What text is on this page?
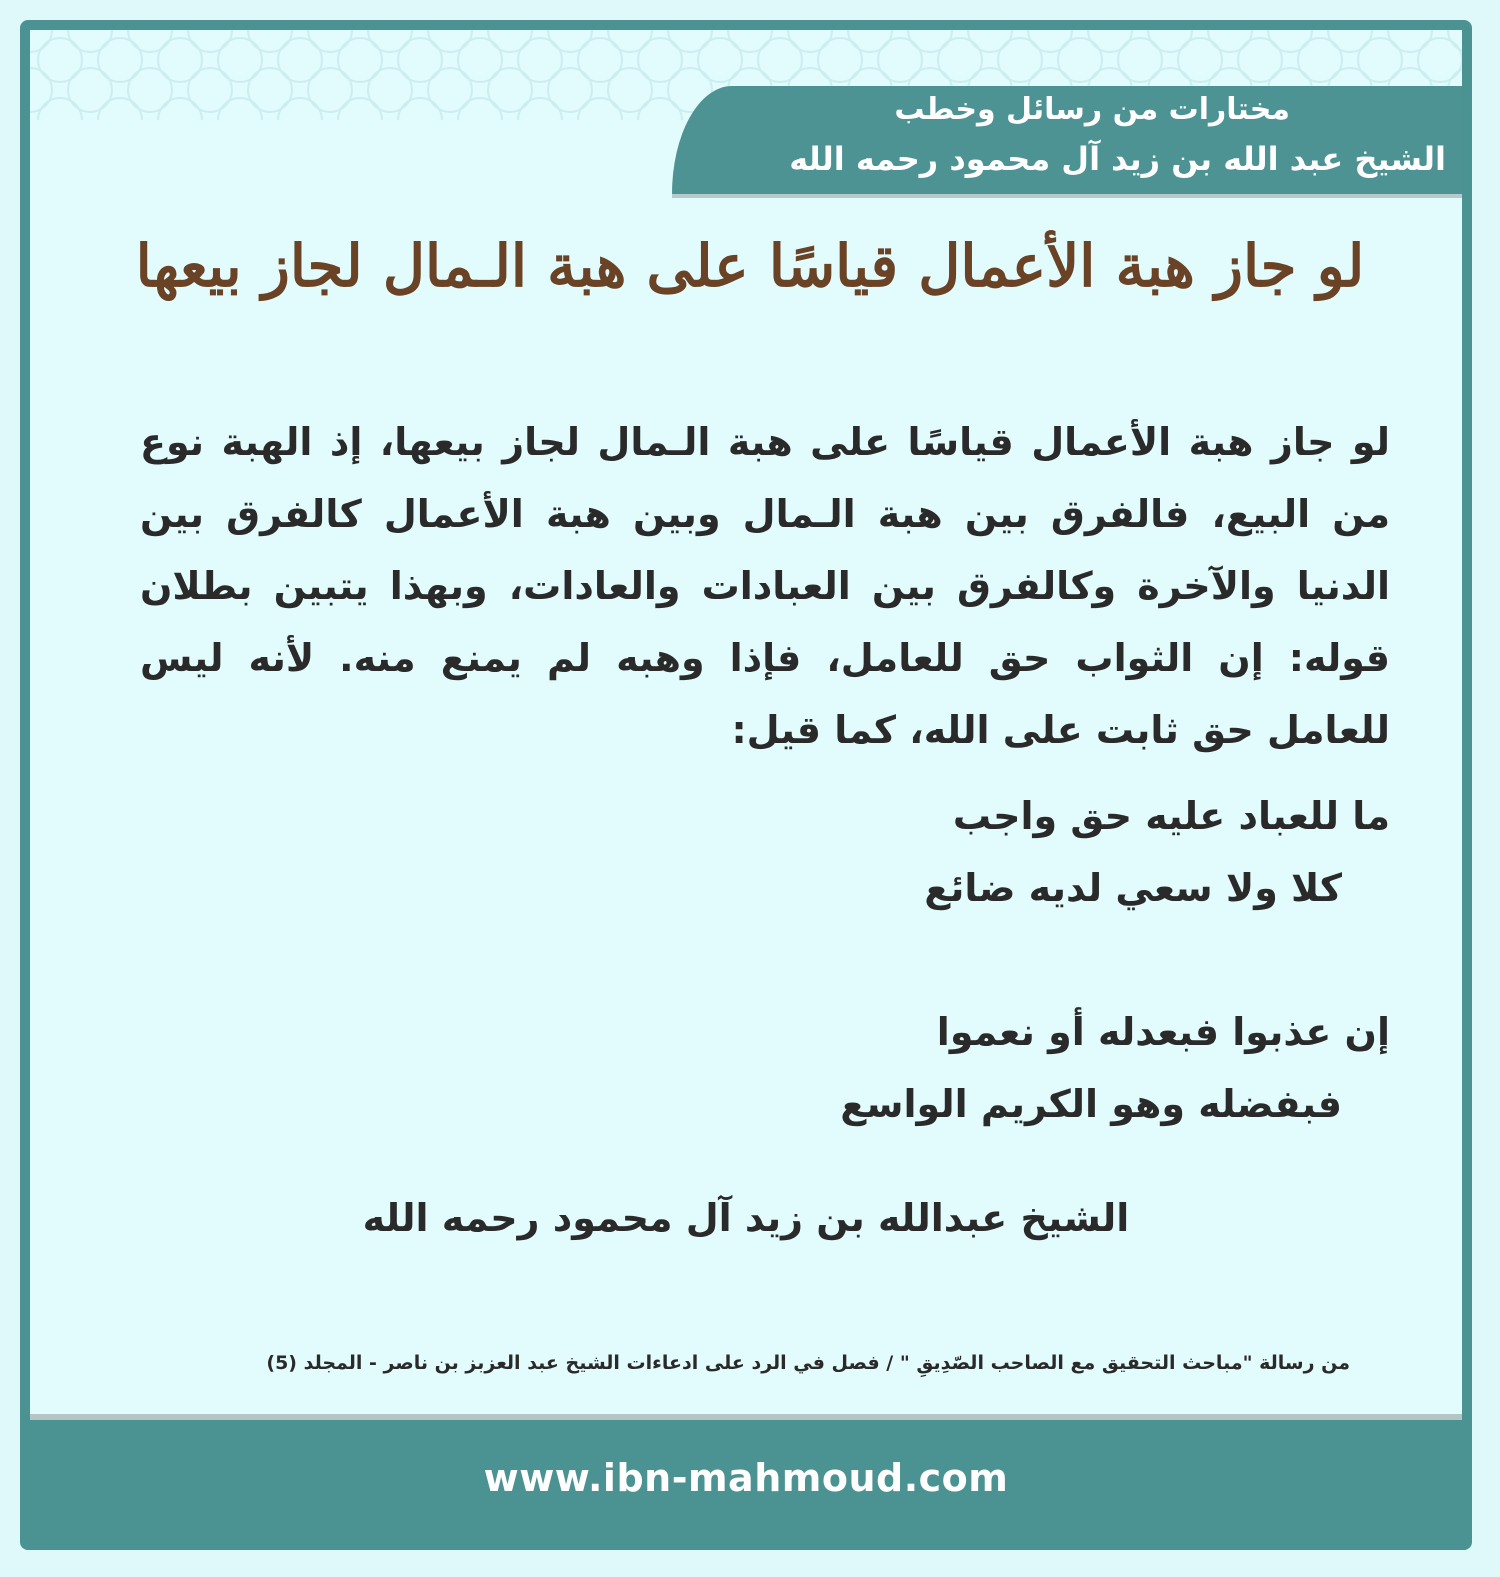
مختارات من رسائل وخطب
الشيخ عبد الله بن زيد آل محمود رحمه الله
لو جاز هبة الأعمال قياسًا على هبة الـمال لجاز بيعها
لو جاز هبة الأعمال قياسًا على هبة الـمال لجاز بيعها، إذ الهبة نوع من البيع، فالفرق بين هبة الـمال وبين هبة الأعمال كالفرق بين الدنيا والآخرة وكالفرق بين العبادات والعادات، وبهذا يتبين بطلان قوله: إن الثواب حق للعامل، فإذا وهبه لم يمنع منه. لأنه ليس للعامل حق ثابت على الله، كما قيل:
ما للعباد عليه حق واجب
كلا ولا سعي لديه ضائع
إن عذبوا فبعدله أو نعموا
فبفضله وهو الكريم الواسع
الشيخ عبدالله بن زيد آل محمود رحمه الله
من رسالة "مباحث التحقيق مع الصاحب الصّدِيقِ " / فصل في الرد على ادعاءات الشيخ عبد العزبز بن ناصر - المجلد (5)
www.ibn-mahmoud.com
